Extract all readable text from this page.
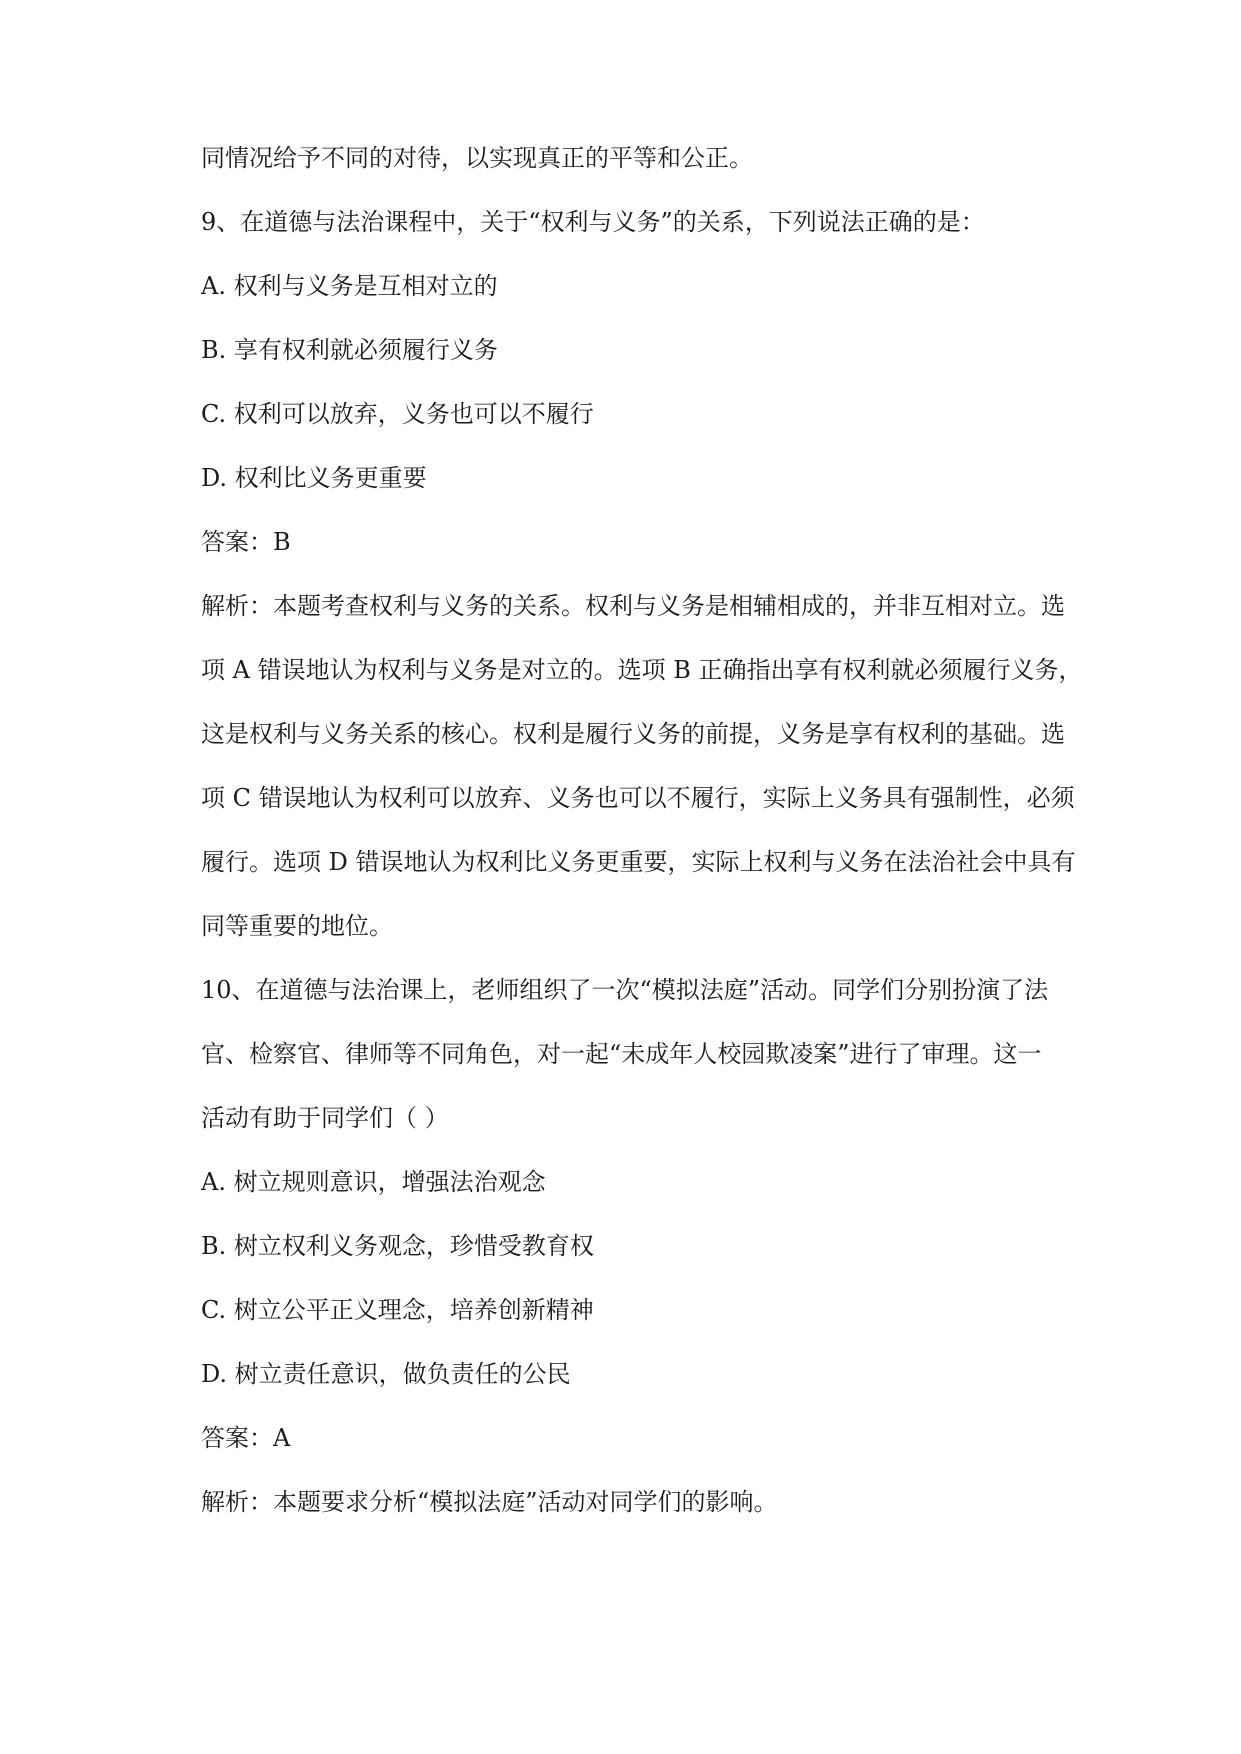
同情况给予不同的对待，以实现真正的平等和公正。

9、在道德与法治课程中，关于“权利与义务”的关系，下列说法正确的是：

A. 权利与义务是互相对立的

B. 享有权利就必须履行义务

C. 权利可以放弃，义务也可以不履行

D. 权利比义务更重要

答案：B

解析：本题考查权利与义务的关系。权利与义务是相辅相成的，并非互相对立。选

项 A 错误地认为权利与义务是对立的。选项 B 正确指出享有权利就必须履行义务，

这是权利与义务关系的核心。权利是履行义务的前提，义务是享有权利的基础。选

项 C 错误地认为权利可以放弃、义务也可以不履行，实际上义务具有强制性，必须

履行。选项 D 错误地认为权利比义务更重要，实际上权利与义务在法治社会中具有

同等重要的地位。

10、在道德与法治课上，老师组织了一次“模拟法庭”活动。同学们分别扮演了法

官、检察官、律师等不同角色，对一起“未成年人校园欺凌案”进行了审理。这一

活动有助于同学们（ ）

A. 树立规则意识，增强法治观念

B. 树立权利义务观念，珍惜受教育权

C. 树立公平正义理念，培养创新精神

D. 树立责任意识，做负责任的公民

答案：A

解析：本题要求分析“模拟法庭”活动对同学们的影响。
